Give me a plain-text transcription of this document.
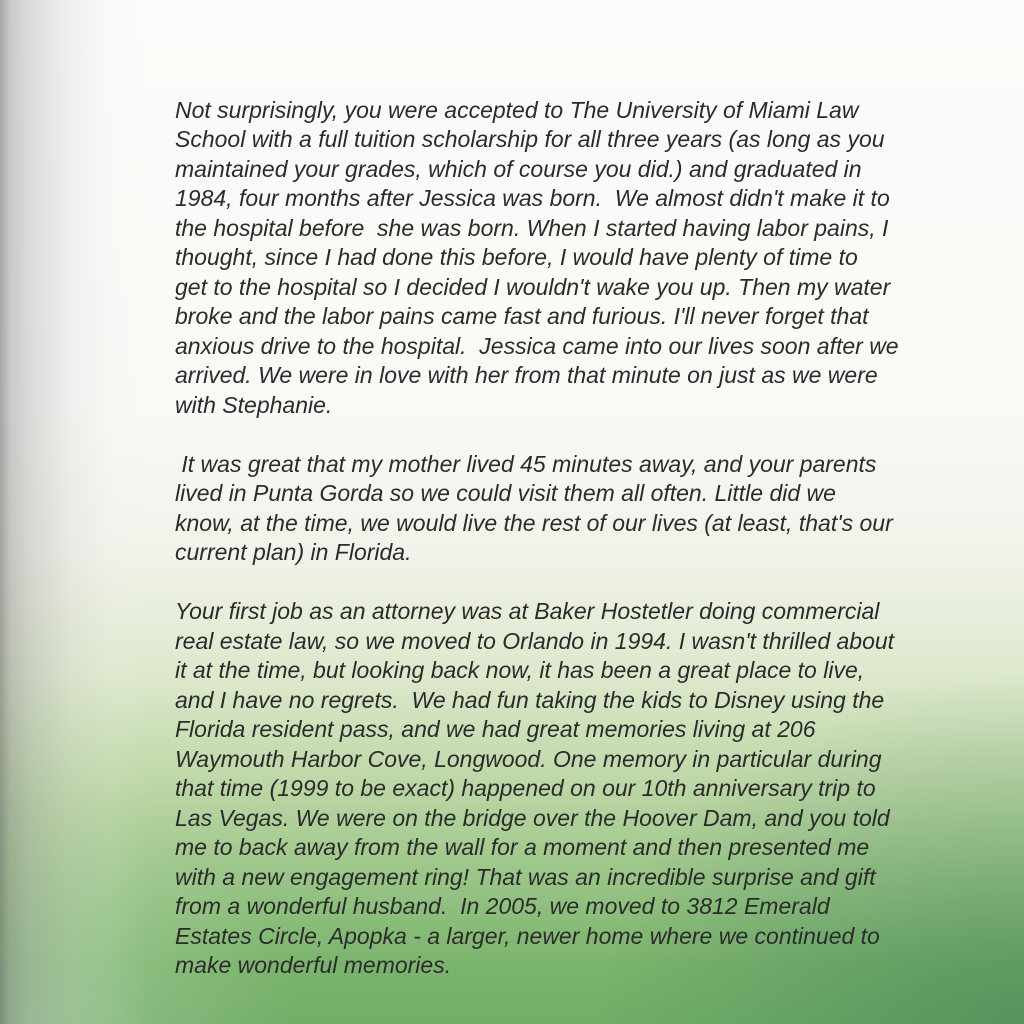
Not surprisingly, you were accepted to The University of Miami Law
School with a full tuition scholarship for all three years (as long as you
maintained your grades, which of course you did.) and graduated in
1984, four months after Jessica was born.  We almost didn't make it to
the hospital before  she was born. When I started having labor pains, I
thought, since I had done this before, I would have plenty of time to
get to the hospital so I decided I wouldn't wake you up. Then my water
broke and the labor pains came fast and furious. I'll never forget that
anxious drive to the hospital.  Jessica came into our lives soon after we
arrived. We were in love with her from that minute on just as we were
with Stephanie.

It was great that my mother lived 45 minutes away, and your parents
lived in Punta Gorda so we could visit them all often. Little did we
know, at the time, we would live the rest of our lives (at least, that's our
current plan) in Florida.

Your first job as an attorney was at Baker Hostetler doing commercial
real estate law, so we moved to Orlando in 1994. I wasn't thrilled about
it at the time, but looking back now, it has been a great place to live,
and I have no regrets.  We had fun taking the kids to Disney using the
Florida resident pass, and we had great memories living at 206
Waymouth Harbor Cove, Longwood. One memory in particular during
that time (1999 to be exact) happened on our 10th anniversary trip to
Las Vegas. We were on the bridge over the Hoover Dam, and you told
me to back away from the wall for a moment and then presented me
with a new engagement ring! That was an incredible surprise and gift
from a wonderful husband.  In 2005, we moved to 3812 Emerald
Estates Circle, Apopka - a larger, newer home where we continued to
make wonderful memories.
